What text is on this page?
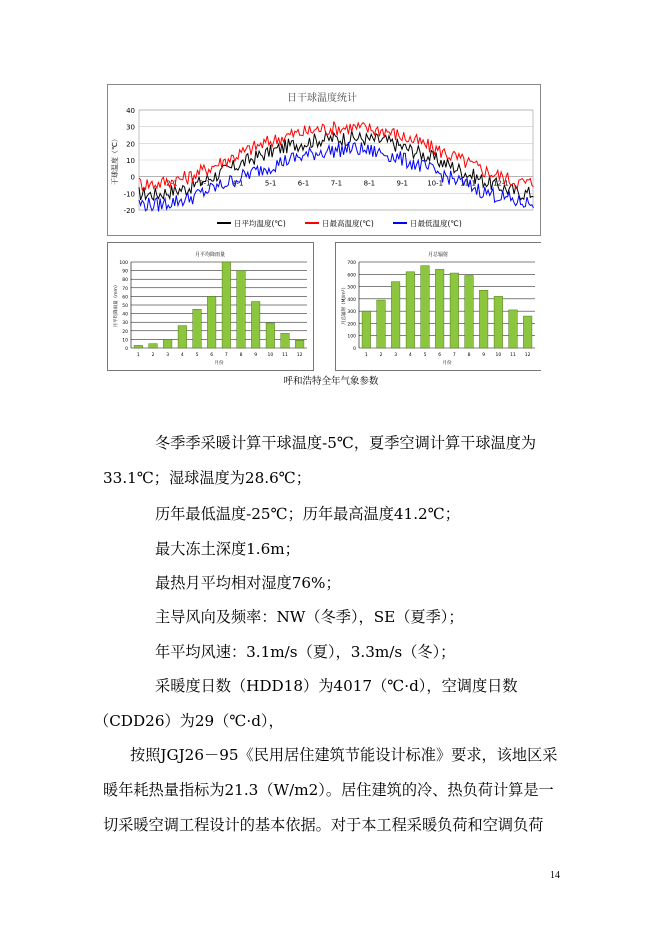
日干球温度统计
40
30
20
10
0
-10
-20
干球温度（℃）	2-1	3-1	4-1	5-1	6-1	7-1	8-1	9-1	10-1 11-1 12-1
日平均温度(℃)	日最高温度(℃)	日最低温度(℃)
月平均降雨量
0
10
20
30
40
50
60
70
80
90
100
1	2	3	4	5	6	7	8	9 10 11 12
月份
月平均降雨量（mm）
月总辐射
0
100
200
300
400
500
600
700
1	2	3	4	5	6	7	8	9 10 11 12
月份
月总辐射（MJ/m²）
呼和浩特全年气象参数
冬季季采暖计算干球温度-5℃，夏季空调计算干球温度为
33.1℃；湿球温度为28.6℃；
历年最低温度-25℃；历年最高温度41.2℃；
最大冻土深度1.6m；
最热月平均相对湿度76%；
主导风向及频率：NW（冬季），SE（夏季）；
年平均风速：3.1m/s（夏），3.3m/s（冬）；
采暖度日数（HDD18）为4017（℃·d），空调度日数
（CDD26）为29（℃·d），
按照JGJ26－95《民用居住建筑节能设计标准》要求，该地区采
暖年耗热量指标为21.3（W/m2）。居住建筑的冷、热负荷计算是一
切采暖空调工程设计的基本依据。对于本工程采暖负荷和空调负荷
14
